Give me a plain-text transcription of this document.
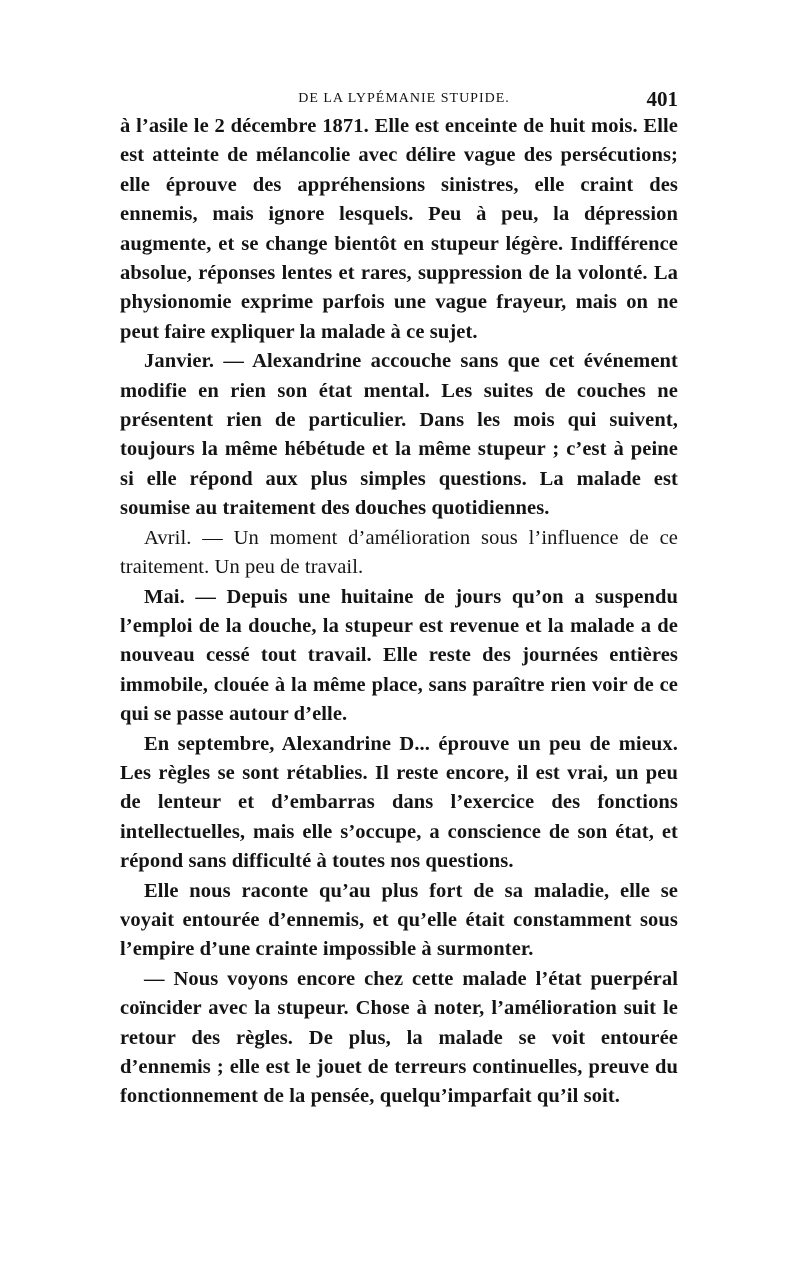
DE LA LYPÉMANIE STUPIDE.	401

à l’asile le 2 décembre 1871. Elle est enceinte de huit mois. Elle est atteinte de mélancolie avec délire vague des persécutions; elle éprouve des appréhensions sinistres, elle craint des ennemis, mais ignore lesquels. Peu à peu, la dépression augmente, et se change bientôt en stupeur légère. Indifférence absolue, réponses lentes et rares, suppression de la volonté. La physionomie exprime parfois une vague frayeur, mais on ne peut faire expliquer la malade à ce sujet.

Janvier. — Alexandrine accouche sans que cet événement modifie en rien son état mental. Les suites de couches ne présentent rien de particulier. Dans les mois qui suivent, toujours la même hébétude et la même stupeur ; c’est à peine si elle répond aux plus simples questions. La malade est soumise au traitement des douches quotidiennes.

Avril. — Un moment d’amélioration sous l’influence de ce traitement. Un peu de travail.

Mai. — Depuis une huitaine de jours qu’on a suspendu l’emploi de la douche, la stupeur est revenue et la malade a de nouveau cessé tout travail. Elle reste des journées entières immobile, clouée à la même place, sans paraître rien voir de ce qui se passe autour d’elle.

En septembre, Alexandrine D... éprouve un peu de mieux. Les règles se sont rétablies. Il reste encore, il est vrai, un peu de lenteur et d’embarras dans l’exercice des fonctions intellectuelles, mais elle s’occupe, a conscience de son état, et répond sans difficulté à toutes nos questions.

Elle nous raconte qu’au plus fort de sa maladie, elle se voyait entourée d’ennemis, et qu’elle était constamment sous l’empire d’une crainte impossible à surmonter.

— Nous voyons encore chez cette malade l’état puerpéral coïncider avec la stupeur. Chose à noter, l’amélioration suit le retour des règles. De plus, la malade se voit entourée d’ennemis ; elle est le jouet de terreurs continuelles, preuve du fonctionnement de la pensée, quelqu’imparfait qu’il soit.
